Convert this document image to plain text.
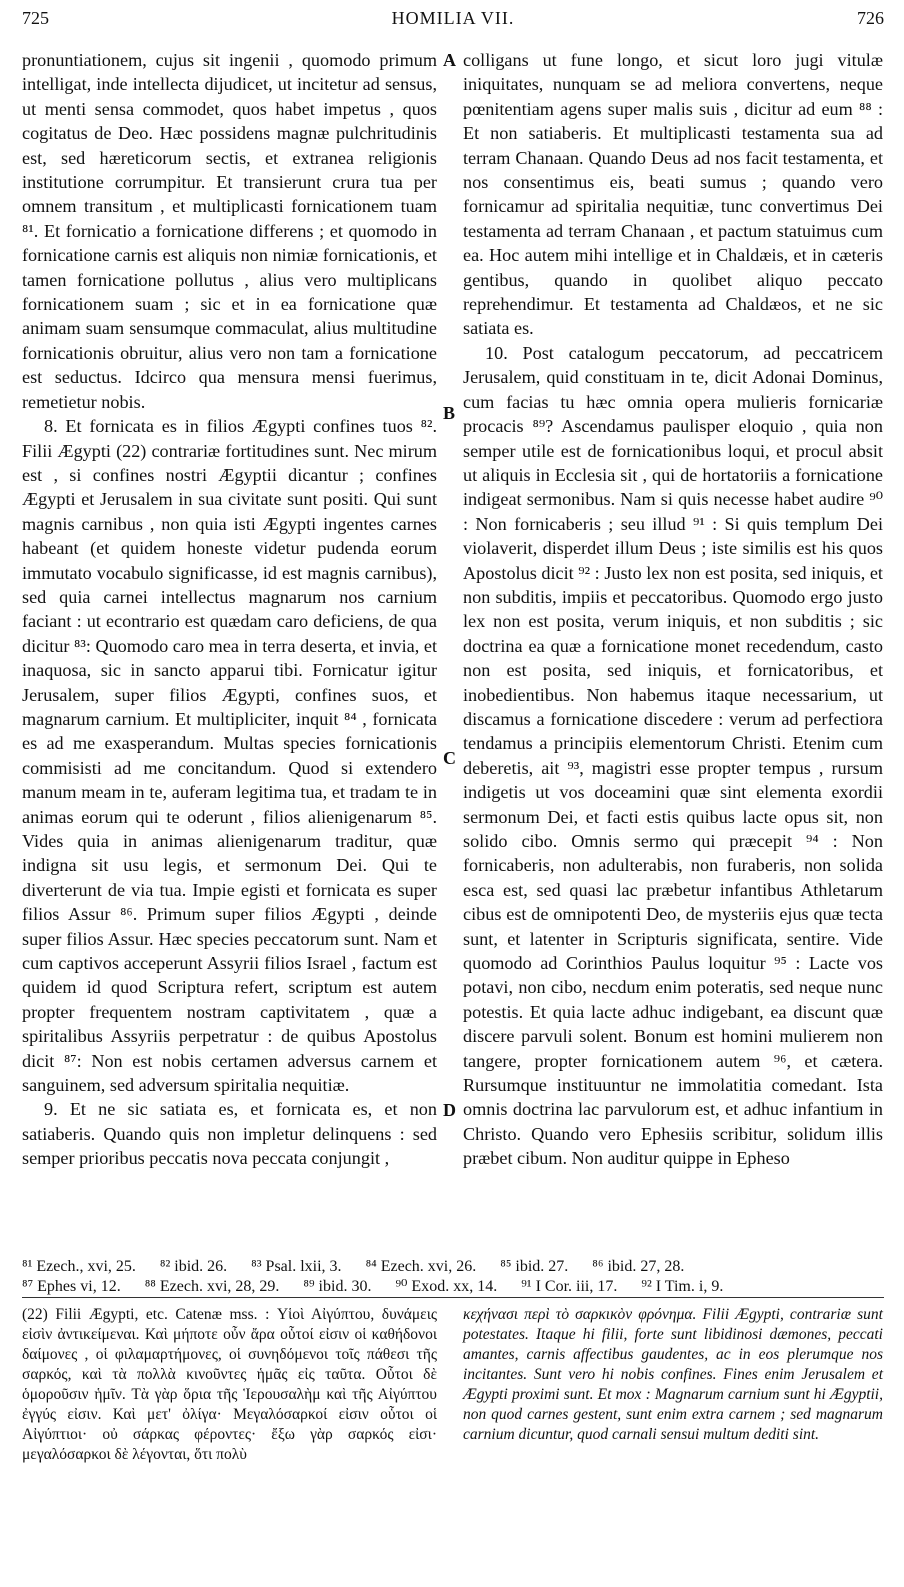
725	HOMILIA VII.	726

pronuntiationem, cujus sit ingenii , quomodo primum intelligat, inde intellecta dijudicet, ut incitetur ad sensus, ut menti sensa commodet, quos habet impetus , quos cogitatus de Deo. Hæc possidens magnæ pulchritudinis est, sed hæreticorum sectis, et extranea religionis institutione corrumpitur. Et transierunt crura tua per omnem transitum , et multiplicasti fornicationem tuam ⁸¹. Et fornicatio a fornicatione differens ; et quomodo in fornicatione carnis est aliquis non nimiæ fornicationis, et tamen fornicatione pollutus , alius vero multiplicans fornicationem suam ; sic et in ea fornicatione quæ animam suam sensumque commaculat, alius multitudine fornicationis obruitur, alius vero non tam a fornicatione est seductus. Idcirco qua mensura mensi fuerimus, remetietur nobis.

8. Et fornicata es in filios Ægypti confines tuos ⁸². Filii Ægypti (22) contrariæ fortitudines sunt. Nec mirum est , si confines nostri Ægyptii dicantur ; confines Ægypti et Jerusalem in sua civitate sunt positi. Qui sunt magnis carnibus , non quia isti Ægypti ingentes carnes habeant (et quidem honeste videtur pudenda eorum immutato vocabulo significasse, id est magnis carnibus), sed quia carnei intellectus magnarum nos carnium faciant : ut econtrario est quædam caro deficiens, de qua dicitur ⁸³: Quomodo caro mea in terra deserta, et invia, et inaquosa, sic in sancto apparui tibi. Fornicatur igitur Jerusalem, super filios Ægypti, confines suos, et magnarum carnium. Et multipliciter, inquit ⁸⁴ , fornicata es ad me exasperandum. Multas species fornicationis commisisti ad me concitandum. Quod si extendero manum meam in te, auferam legitima tua, et tradam te in animas eorum qui te oderunt , filios alienigenarum ⁸⁵. Vides quia in animas alienigenarum traditur, quæ indigna sit usu legis, et sermonum Dei. Qui te diverterunt de via tua. Impie egisti et fornicata es super filios Assur ⁸⁶. Primum super filios Ægypti , deinde super filios Assur. Hæc species peccatorum sunt. Nam et cum captivos acceperunt Assyrii filios Israel , factum est quidem id quod Scriptura refert, scriptum est autem propter frequentem nostram captivitatem , quæ a spiritalibus Assyriis perpetratur : de quibus Apostolus dicit ⁸⁷: Non est nobis certamen adversus carnem et sanguinem, sed adversum spiritalia nequitiæ.

9. Et ne sic satiata es, et fornicata es, et non satiaberis. Quando quis non impletur delinquens : sed semper prioribus peccatis nova peccata conjungit ,

A
B
C
D

colligans ut fune longo, et sicut loro jugi vitulæ iniquitates, nunquam se ad meliora convertens, neque pœnitentiam agens super malis suis , dicitur ad eum ⁸⁸ : Et non satiaberis. Et multiplicasti testamenta sua ad terram Chanaan. Quando Deus ad nos facit testamenta, et nos consentimus eis, beati sumus ; quando vero fornicamur ad spiritalia nequitiæ, tunc convertimus Dei testamenta ad terram Chanaan , et pactum statuimus cum ea. Hoc autem mihi intellige et in Chaldæis, et in cæteris gentibus, quando in quolibet aliquo peccato reprehendimur. Et testamenta ad Chaldæos, et ne sic satiata es.

10. Post catalogum peccatorum, ad peccatricem Jerusalem, quid constituam in te, dicit Adonai Dominus, cum facias tu hæc omnia opera mulieris fornicariæ procacis ⁸⁹? Ascendamus paulisper eloquio , quia non semper utile est de fornicationibus loqui, et procul absit ut aliquis in Ecclesia sit , qui de hortatoriis a fornicatione indigeat sermonibus. Nam si quis necesse habet audire ⁹⁰ : Non fornicaberis ; seu illud ⁹¹ : Si quis templum Dei violaverit, disperdet illum Deus ; iste similis est his quos Apostolus dicit ⁹² : Justo lex non est posita, sed iniquis, et non subditis, impiis et peccatoribus. Quomodo ergo justo lex non est posita, verum iniquis, et non subditis ; sic doctrina ea quæ a fornicatione monet recedendum, casto non est posita, sed iniquis, et fornicatoribus, et inobedientibus. Non habemus itaque necessarium, ut discamus a fornicatione discedere : verum ad perfectiora tendamus a principiis elementorum Christi. Etenim cum deberetis, ait ⁹³, magistri esse propter tempus , rursum indigetis ut vos doceamini quæ sint elementa exordii sermonum Dei, et facti estis quibus lacte opus sit, non solido cibo. Omnis sermo qui præcepit ⁹⁴ : Non fornicaberis, non adulterabis, non furaberis, non solida esca est, sed quasi lac præbetur infantibus Athletarum cibus est de omnipotenti Deo, de mysteriis ejus quæ tecta sunt, et latenter in Scripturis significata, sentire. Vide quomodo ad Corinthios Paulus loquitur ⁹⁵ : Lacte vos potavi, non cibo, necdum enim poteratis, sed neque nunc potestis. Et quia lacte adhuc indigebant, ea discunt quæ discere parvuli solent. Bonum est homini mulierem non tangere, propter fornicationem autem ⁹⁶, et cætera. Rursumque instituuntur ne immolatitia comedant. Ista omnis doctrina lac parvulorum est, et adhuc infantium in Christo. Quando vero Ephesiis scribitur, solidum illis præbet cibum. Non auditur quippe in Epheso

⁸¹ Ezech., xvi, 25. ⁸² ibid. 26. ⁸³ Psal. lxii, 3. ⁸⁴ Ezech. xvi, 26. ⁸⁵ ibid. 27. ⁸⁶ ibid. 27, 28.
⁸⁷ Ephes vi, 12. ⁸⁸ Ezech. xvi, 28, 29. ⁸⁹ ibid. 30. ⁹⁰ Exod. xx, 14. ⁹¹ I Cor. iii, 17. ⁹² I Tim. i, 9.

(22) Filii Ægypti, etc. Catenæ mss. : Υἱοὶ Αἰγύπτου, δυνάμεις εἰσὶν ἀντικείμεναι. Καὶ μήποτε οὖν ἄρα οὗτοί εἰσιν οἱ καθήδονοι δαίμονες , οἱ φιλαμαρτήμονες, οἱ συνηδόμενοι τοῖς πάθεσι τῆς σαρκός, καὶ τὰ πολλὰ κινοῦντες ἡμᾶς εἰς ταῦτα. Οὗτοι δὲ ὁμοροῦσιν ἡμῖν. Τὰ γὰρ ὅρια τῆς Ἱερουσαλὴμ καὶ τῆς Αἰγύπτου ἐγγύς εἰσιν. Καὶ μετ' ὀλίγα· Μεγαλόσαρκοί εἰσιν οὗτοι οἱ Αἰγύπτιοι· οὐ σάρκας φέροντες· ἔξω γὰρ σαρκός εἰσι· μεγαλόσαρκοι δὲ λέγονται, ὅτι πολὺ

κεχήνασι περὶ τὸ σαρκικὸν φρόνημα. Filii Ægypti, contrariæ sunt potestates. Itaque hi filii, forte sunt libidinosi dæmones, peccati amantes, carnis affectibus gaudentes, ac in eos plerumque nos incitantes. Sunt vero hi nobis confines. Fines enim Jerusalem et Ægypti proximi sunt. Et mox : Magnarum carnium sunt hi Ægyptii, non quod carnes gestent, sunt enim extra carnem ; sed magnarum carnium dicuntur, quod carnali sensui multum dediti sint.
